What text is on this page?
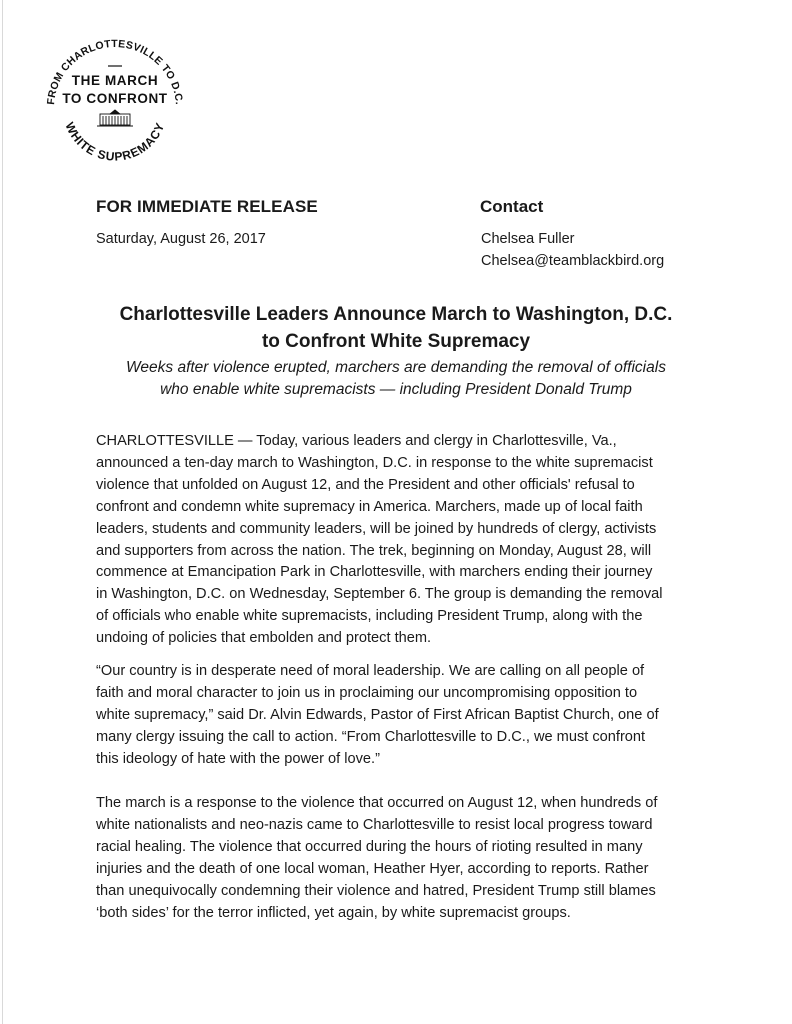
FROM CHARLOTTESVILLE TO D.C.
THE MARCH
TO CONFRONT
WHITE SUPREMACY
FOR IMMEDIATE RELEASE
Saturday, August 26, 2017
Contact
Chelsea Fuller
Chelsea@teamblackbird.org
Charlottesville Leaders Announce March to Washington, D.C.
to Confront White Supremacy

Weeks after violence erupted, marchers are demanding the removal of officials
who enable white supremacists — including President Donald Trump

CHARLOTTESVILLE — Today, various leaders and clergy in Charlottesville, Va.,
announced a ten-day march to Washington, D.C. in response to the white supremacist
violence that unfolded on August 12, and the President and other officials' refusal to
confront and condemn white supremacy in America. Marchers, made up of local faith
leaders, students and community leaders, will be joined by hundreds of clergy, activists
and supporters from across the nation. The trek, beginning on Monday, August 28, will
commence at Emancipation Park in Charlottesville, with marchers ending their journey
in Washington, D.C. on Wednesday, September 6. The group is demanding the removal
of officials who enable white supremacists, including President Trump, along with the
undoing of policies that embolden and protect them.

“Our country is in desperate need of moral leadership. We are calling on all people of
faith and moral character to join us in proclaiming our uncompromising opposition to
white supremacy,” said Dr. Alvin Edwards, Pastor of First African Baptist Church, one of
many clergy issuing the call to action. “From Charlottesville to D.C., we must confront
this ideology of hate with the power of love.”

The march is a response to the violence that occurred on August 12, when hundreds of
white nationalists and neo-nazis came to Charlottesville to resist local progress toward
racial healing. The violence that occurred during the hours of rioting resulted in many
injuries and the death of one local woman, Heather Hyer, according to reports. Rather
than unequivocally condemning their violence and hatred, President Trump still blames
‘both sides’ for the terror inflicted, yet again, by white supremacist groups.
